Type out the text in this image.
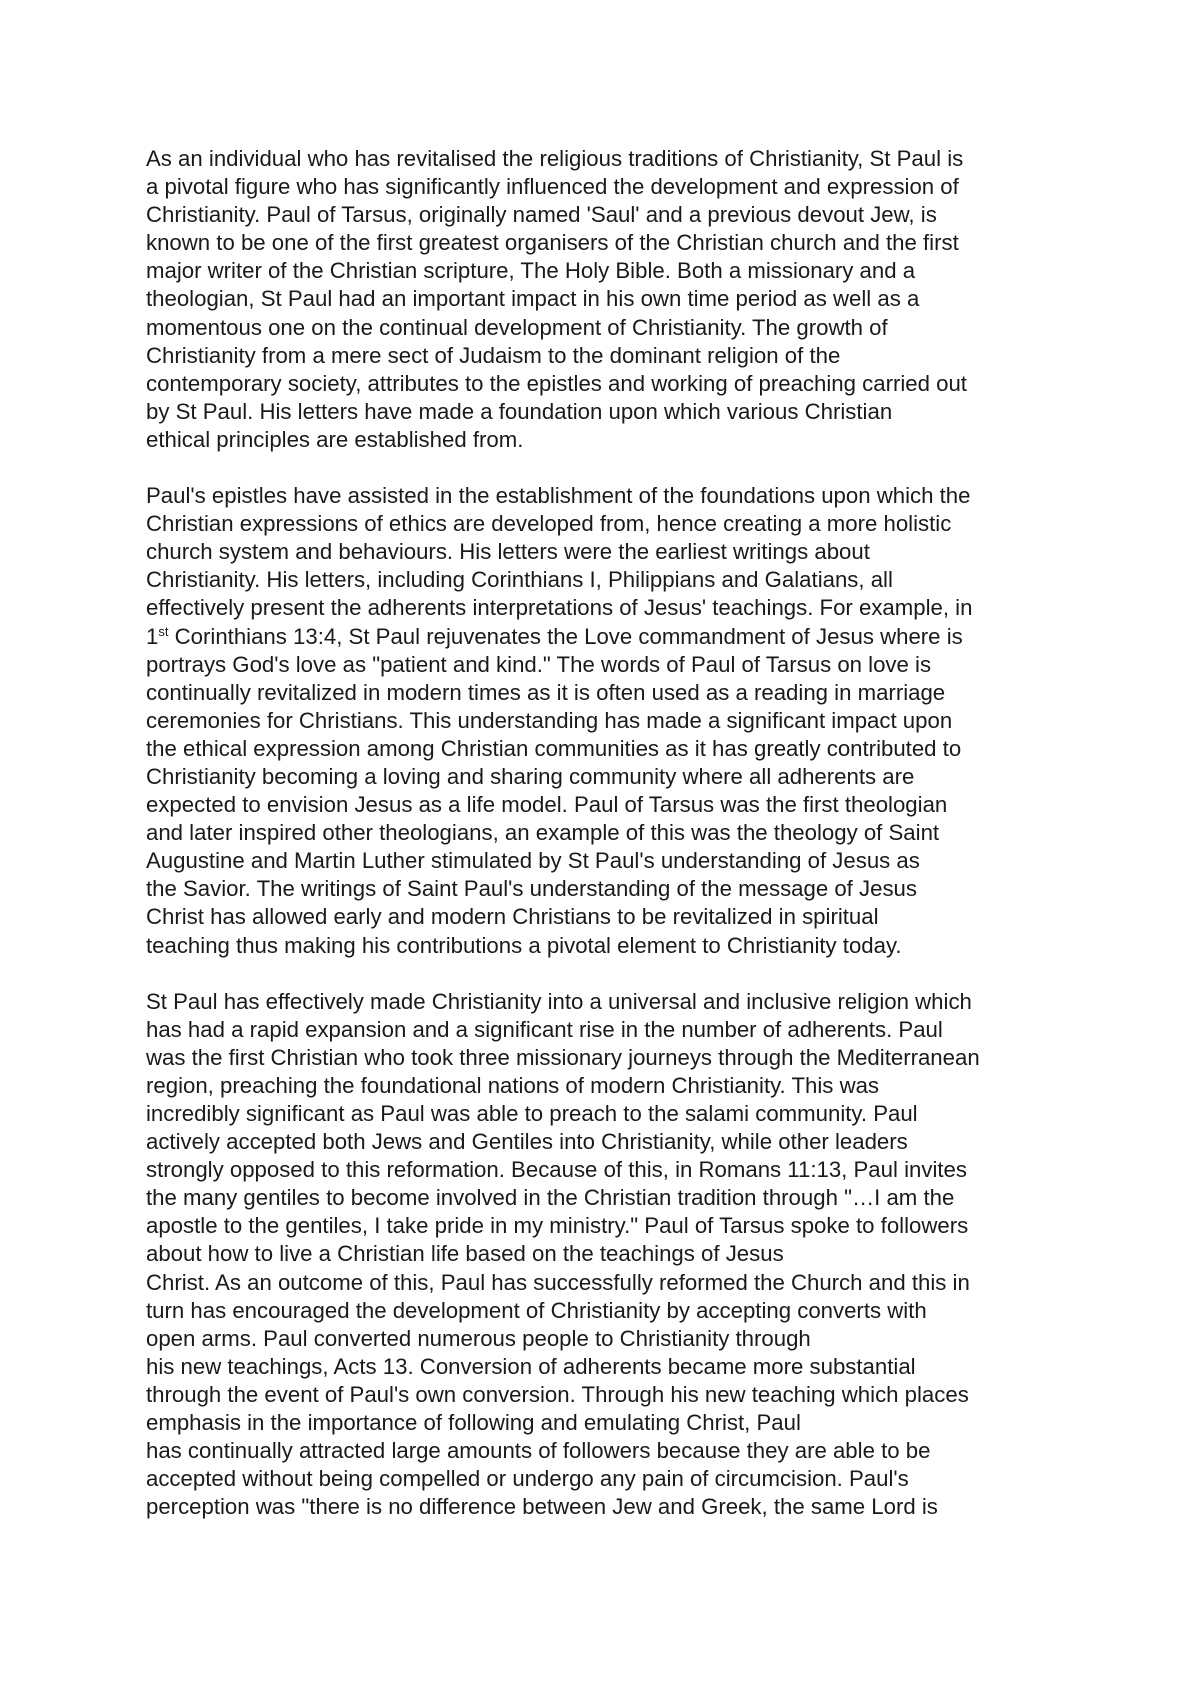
As an individual who has revitalised the religious traditions of Christianity, St Paul is
a pivotal figure who has significantly influenced the development and expression of
Christianity. Paul of Tarsus, originally named 'Saul' and a previous devout Jew, is
known to be one of the first greatest organisers of the Christian church and the first
major writer of the Christian scripture, The Holy Bible. Both a missionary and a
theologian, St Paul had an important impact in his own time period as well as a
momentous one on the continual development of Christianity. The growth of
Christianity from a mere sect of Judaism to the dominant religion of the
contemporary society, attributes to the epistles and working of preaching carried out
by St Paul. His letters have made a foundation upon which various Christian
ethical principles are established from.

Paul's epistles have assisted in the establishment of the foundations upon which the
Christian expressions of ethics are developed from, hence creating a more holistic
church system and behaviours. His letters were the earliest writings about
Christianity. His letters, including Corinthians I, Philippians and Galatians, all
effectively present the adherents interpretations of Jesus' teachings. For example, in
1st Corinthians 13:4, St Paul rejuvenates the Love commandment of Jesus where is
portrays God's love as "patient and kind." The words of Paul of Tarsus on love is
continually revitalized in modern times as it is often used as a reading in marriage
ceremonies for Christians. This understanding has made a significant impact upon
the ethical expression among Christian communities as it has greatly contributed to
Christianity becoming a loving and sharing community where all adherents are
expected to envision Jesus as a life model. Paul of Tarsus was the first theologian
and later inspired other theologians, an example of this was the theology of Saint
Augustine and Martin Luther stimulated by St Paul's understanding of Jesus as
the Savior. The writings of Saint Paul's understanding of the message of Jesus
Christ has allowed early and modern Christians to be revitalized in spiritual
teaching thus making his contributions a pivotal element to Christianity today.

St Paul has effectively made Christianity into a universal and inclusive religion which
has had a rapid expansion and a significant rise in the number of adherents. Paul
was the first Christian who took three missionary journeys through the Mediterranean
region, preaching the foundational nations of modern Christianity. This was
incredibly significant as Paul was able to preach to the salami community. Paul
actively accepted both Jews and Gentiles into Christianity, while other leaders
strongly opposed to this reformation. Because of this, in Romans 11:13, Paul invites
the many gentiles to become involved in the Christian tradition through "…I am the
apostle to the gentiles, I take pride in my ministry." Paul of Tarsus spoke to followers
about how to live a Christian life based on the teachings of Jesus
Christ. As an outcome of this, Paul has successfully reformed the Church and this in
turn has encouraged the development of Christianity by accepting converts with
open arms. Paul converted numerous people to Christianity through
his new teachings, Acts 13. Conversion of adherents became more substantial
through the event of Paul's own conversion. Through his new teaching which places
emphasis in the importance of following and emulating Christ, Paul
has continually attracted large amounts of followers because they are able to be
accepted without being compelled or undergo any pain of circumcision. Paul's
perception was "there is no difference between Jew and Greek, the same Lord is
